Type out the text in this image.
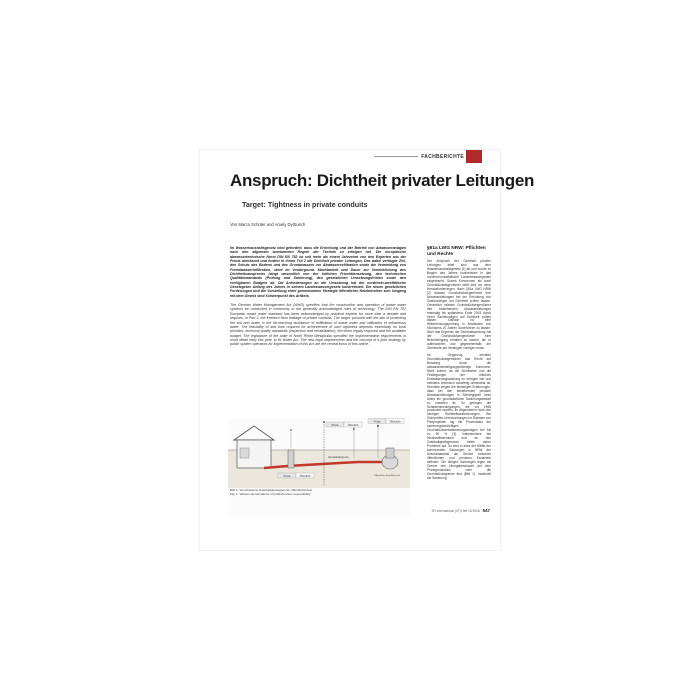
FACHBERICHTE
Anspruch: Dichtheit privater Leitungen
Target: Tightness in private conduits
Von Marco Schüter und Amely Dyrbusch

Im Wasserhaushaltsgesetz wird gefordert, dass die Errichtung und der Betrieb von Abwasseranlagen nach den allgemein anerkannten Regeln der Technik zu erfolgen hat. Die europäische abwassertechnische Norm DIN EN 752 ist seit mehr als einem Jahrzehnt von den Experten aus der Praxis anerkannt und fordert in ihrem Teil 2 die Dichtheit privater Leitungen. Das dabei verfolgte Ziel, den Schutz des Bodens und des Grundwassers vor Abwasserexfiltration sowie die Vermeidung von Fremdwasserinfiltration, steht im Vordergrund. Machbarkeit und Dauer zur Verwirklichung des Dichtheitsanspruchs hängt wesentlich von der örtlichen Prioritätensetzung, den technischen Qualitätsstandards (Prüfung und Sanierung), den gesetzlichen Umsetzungsfristen sowie den verfügbaren Budgets ab. Die Anforderungen an die Umsetzung hat der nordrhein-westfälische Gesetzgeber Anfang des Jahres in seinem Landeswassergesetz konkretisiert. Die neuen gesetzlichen Forderungen und die Vorstellung einer gemeinsamen Strategie öffentlicher Netzbetreiber zum Umgang mit dem Gesetz sind Schwerpunkt des Artikels.

The German Water Management Act (WHG) specifies that the construction and operation of waste water systems be conducted in conformity to the generally acknowledged rules of technology. The DIN EN 752 European waste water standard has been acknowledged by practical experts for more than a decade and requires, in Part 2, the freedom from leakage of private conduits. The target, pursued with the aim of protecting the soil and water, is the far-reaching avoidance of exfiltration of waste water and infiltration of extraneous water. The feasibility of and time required for achievement of such tightness depends essentially on local priorities, technical quality standards (inspection and rehabilitation), the times legally imposed and the available budget. The legislature of the state of North Rhine-Westphalia specified the implementation requirements in more detail early this year, in its Water Act. The new legal requirements and the concept of a joint strategy by public system operators for implementation of this Act are the central focus of this article.

§61a LWG NRW: Pflichten und Rechte

Der Anspruch der Dichtheit privater Leitungen leitet sich aus dem Wasserhaushaltsgesetz [1] ab und wurde zu Beginn des Jahres konkretisiert in das nordrhein-westfälische Landeswassergesetz eingebracht. Soweit Kommunen als auch Grundstückseigentümer stellt dies vor neue Herausforderungen. Nach §61a LWG NRW [2] müssen Grundstückseigentümer ihre Abwasserleitungen bei der Errichtung von Sachkundigen auf Dichtheit prüfen lassen. Gesetzlich müssen Grundstückseigentümer ihre bestehenden Abwasserleitungen erstmalig bis spätestens Ende 2015 durch einen Sachkundigen auf Dichtheit prüfen lassen. Danach ist eine Wiederholungsprüfung in Abständen von höchstens 20 Jahren durchführen zu lassen. Über das Ergebnis der Dichtheitsprüfung hat der Grundstückseigentümer eine Bescheinigung erhalten zu lassen, die er aufbewahren und gegebenenfalls der Gemeinde auf Verlangen vorlegen muss.

Im Gegenzug erhalten Grundstückseigentümer das Recht auf Beratung durch die abwasserbeseitigungspflichtige Kommune. Nicht zuletzt, da die Sichtweise und die Festlegungen der örtlichen Entwässerungssatzung zu erfolgen hat und meistens technisch schwierig umsetzbar ist. Überdies zeigen die bisherigen Erfahrungen, dass bei den bestehenden privaten Abwasserleitungen in Abhängigkeit ihres Alters ein grundsätzlicher Sanierungsbedarf zu erwarten ist. So geringen die Schadensbedingungen, die vor 1965 produziert wurden, im Allgemeinen nicht den heutigen Dichtheitsanforderungen. Bei Sichtprüfen-Untersuchungen im Rahmen von Pilotprojekten lag die Prozentsatz der sanierungsbedürftigen Grundstücksentwässerungsanlagen bei bis zu 90 % [3]. Insbesondere bei Werkstoffwechseln und an den Zuständigkeitsgrenzen treten daher Probleme auf. So wird in etwa der Hälfte der kommunalen Satzungen in NRW der Anschlusskanal als Grenze zwischen öffentlichem und privatem Kanalnetz definiert. Die übrigen Satzungen legen als Grenze den Übergabeschacht auf dem Privatgrundstück oder die Grundstücksgrenze fest (Bild 1). Inwieweit die Sanierung

Privat	Öffentlich
Privat	Öffentlich
Privat	Öffentlich
A
B
C
D
Grundstücksgrenze
Öffentlicher Kanal/Schacht
Bild 1: Verschiedene Zuständigkeitsgrenzen öffentlich/privat
Fig. 1: Various demarcations of public/private responsibility
3R international (47) Heft 10/2008 547
